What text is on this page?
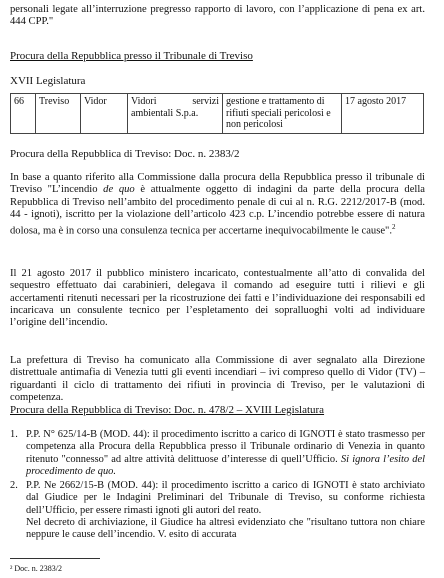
personali legate all’interruzione pregresso rapporto di lavoro, con l’applicazione di pena ex art. 444 CPP."
Procura della Repubblica presso il Tribunale di Treviso
XVII Legislatura
66	Treviso	Vidor	Vidori servizi ambientali S.p.a.	gestione e trattamento di rifiuti speciali pericolosi e non pericolosi	17 agosto 2017
Procura della Repubblica di Treviso: Doc. n. 2383/2
In base a quanto riferito alla Commissione dalla procura della Repubblica presso il tribunale di Treviso "L’incendio de quo è attualmente oggetto di indagini da parte della procura della Repubblica di Treviso nell’ambito del procedimento penale di cui al n. R.G. 2212/2017-B (mod. 44 - ignoti), iscritto per la violazione dell’articolo 423 c.p. L’incendio potrebbe essere di natura dolosa, ma è in corso una consulenza tecnica per accertarne inequivocabilmente le cause".$^2$
Il 21 agosto 2017 il pubblico ministero incaricato, contestualmente all’atto di convalida del sequestro effettuato dai carabinieri, delegava il comando ad eseguire tutti i rilievi e gli accertamenti ritenuti necessari per la ricostruzione dei fatti e l’individuazione dei responsabili ed incaricava un consulente tecnico per l’espletamento dei sopralluoghi volti ad individuare l’origine dell’incendio.
La prefettura di Treviso ha comunicato alla Commissione di aver segnalato alla Direzione distrettuale antimafia di Venezia tutti gli eventi incendiari – ivi compreso quello di Vidor (TV) – riguardanti il ciclo di trattamento dei rifiuti in provincia di Treviso, per le valutazioni di competenza.
Procura della Repubblica di Treviso: Doc. n. 478/2 – XVIII Legislatura
1. P.P. N° 625/14-B (MOD. 44): il procedimento iscritto a carico di IGNOTI è stato trasmesso per competenza alla Procura della Repubblica presso il Tribunale ordinario di Venezia in quanto ritenuto "connesso" ad altre attività delittuose d’interesse di quell’Ufficio. Si ignora l’esito del procedimento de quo.
2. P.P. Ne 2662/15-B (MOD. 44): il procedimento iscritto a carico di IGNOTI è stato archiviato dal Giudice per le Indagini Preliminari del Tribunale di Treviso, su conforme richiesta dell’Ufficio, per essere rimasti ignoti gli autori del reato.
Nel decreto di archiviazione, il Giudice ha altresì evidenziato che "risultano tuttora non chiare neppure le cause dell’incendio. V. esito di accurata
² Doc. n. 2383/2
